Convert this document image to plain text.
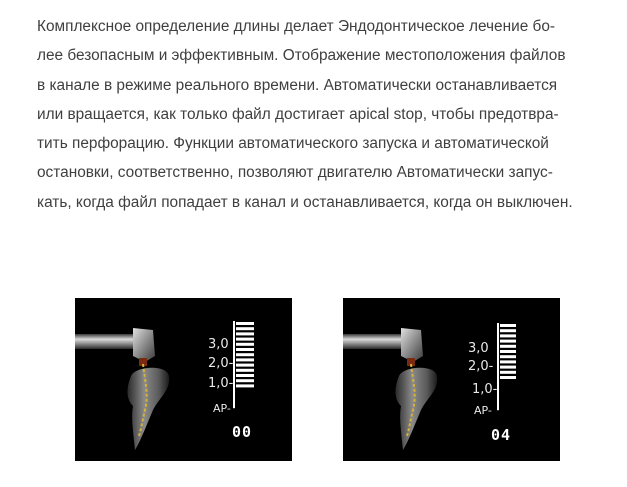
Комплексное определение длины делает Эндодонтическое лечение бо-
лее безопасным и эффективным. Отображение местоположения файлов
в канале в режиме реального времени. Автоматически останавливается
или вращается, как только файл достигает apical stop, чтобы предотвра-
тить перфорацию. Функции автоматического запуска и автоматической
остановки, соответственно, позволяют двигателю Автоматически запус-
кать, когда файл попадает в канал и останавливается, когда он выключен.
3,0
2,0-
1,0-
AP-
00
3,0
2,0-
1,0-
AP-
04
